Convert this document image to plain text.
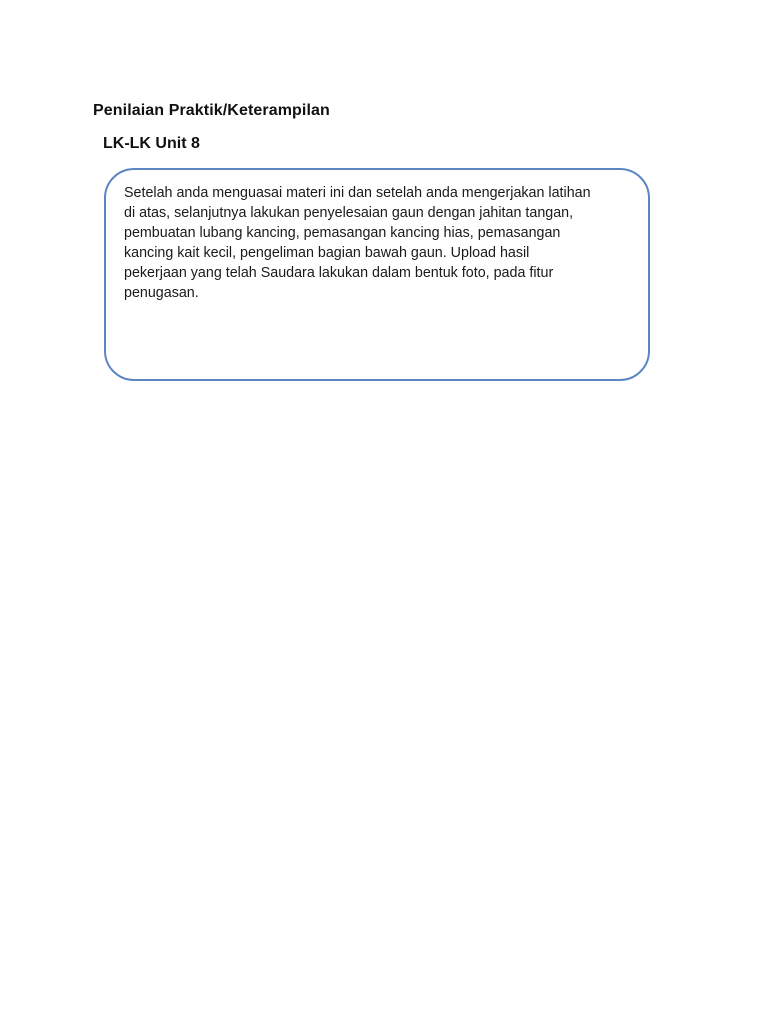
Penilaian Praktik/Keterampilan
LK-LK Unit 8

Setelah anda menguasai materi ini dan setelah anda mengerjakan latihan
di atas, selanjutnya lakukan penyelesaian gaun dengan jahitan tangan,
pembuatan lubang kancing, pemasangan kancing hias, pemasangan
kancing kait kecil, pengeliman bagian bawah gaun. Upload hasil
pekerjaan yang telah Saudara lakukan dalam bentuk foto, pada fitur
penugasan.
